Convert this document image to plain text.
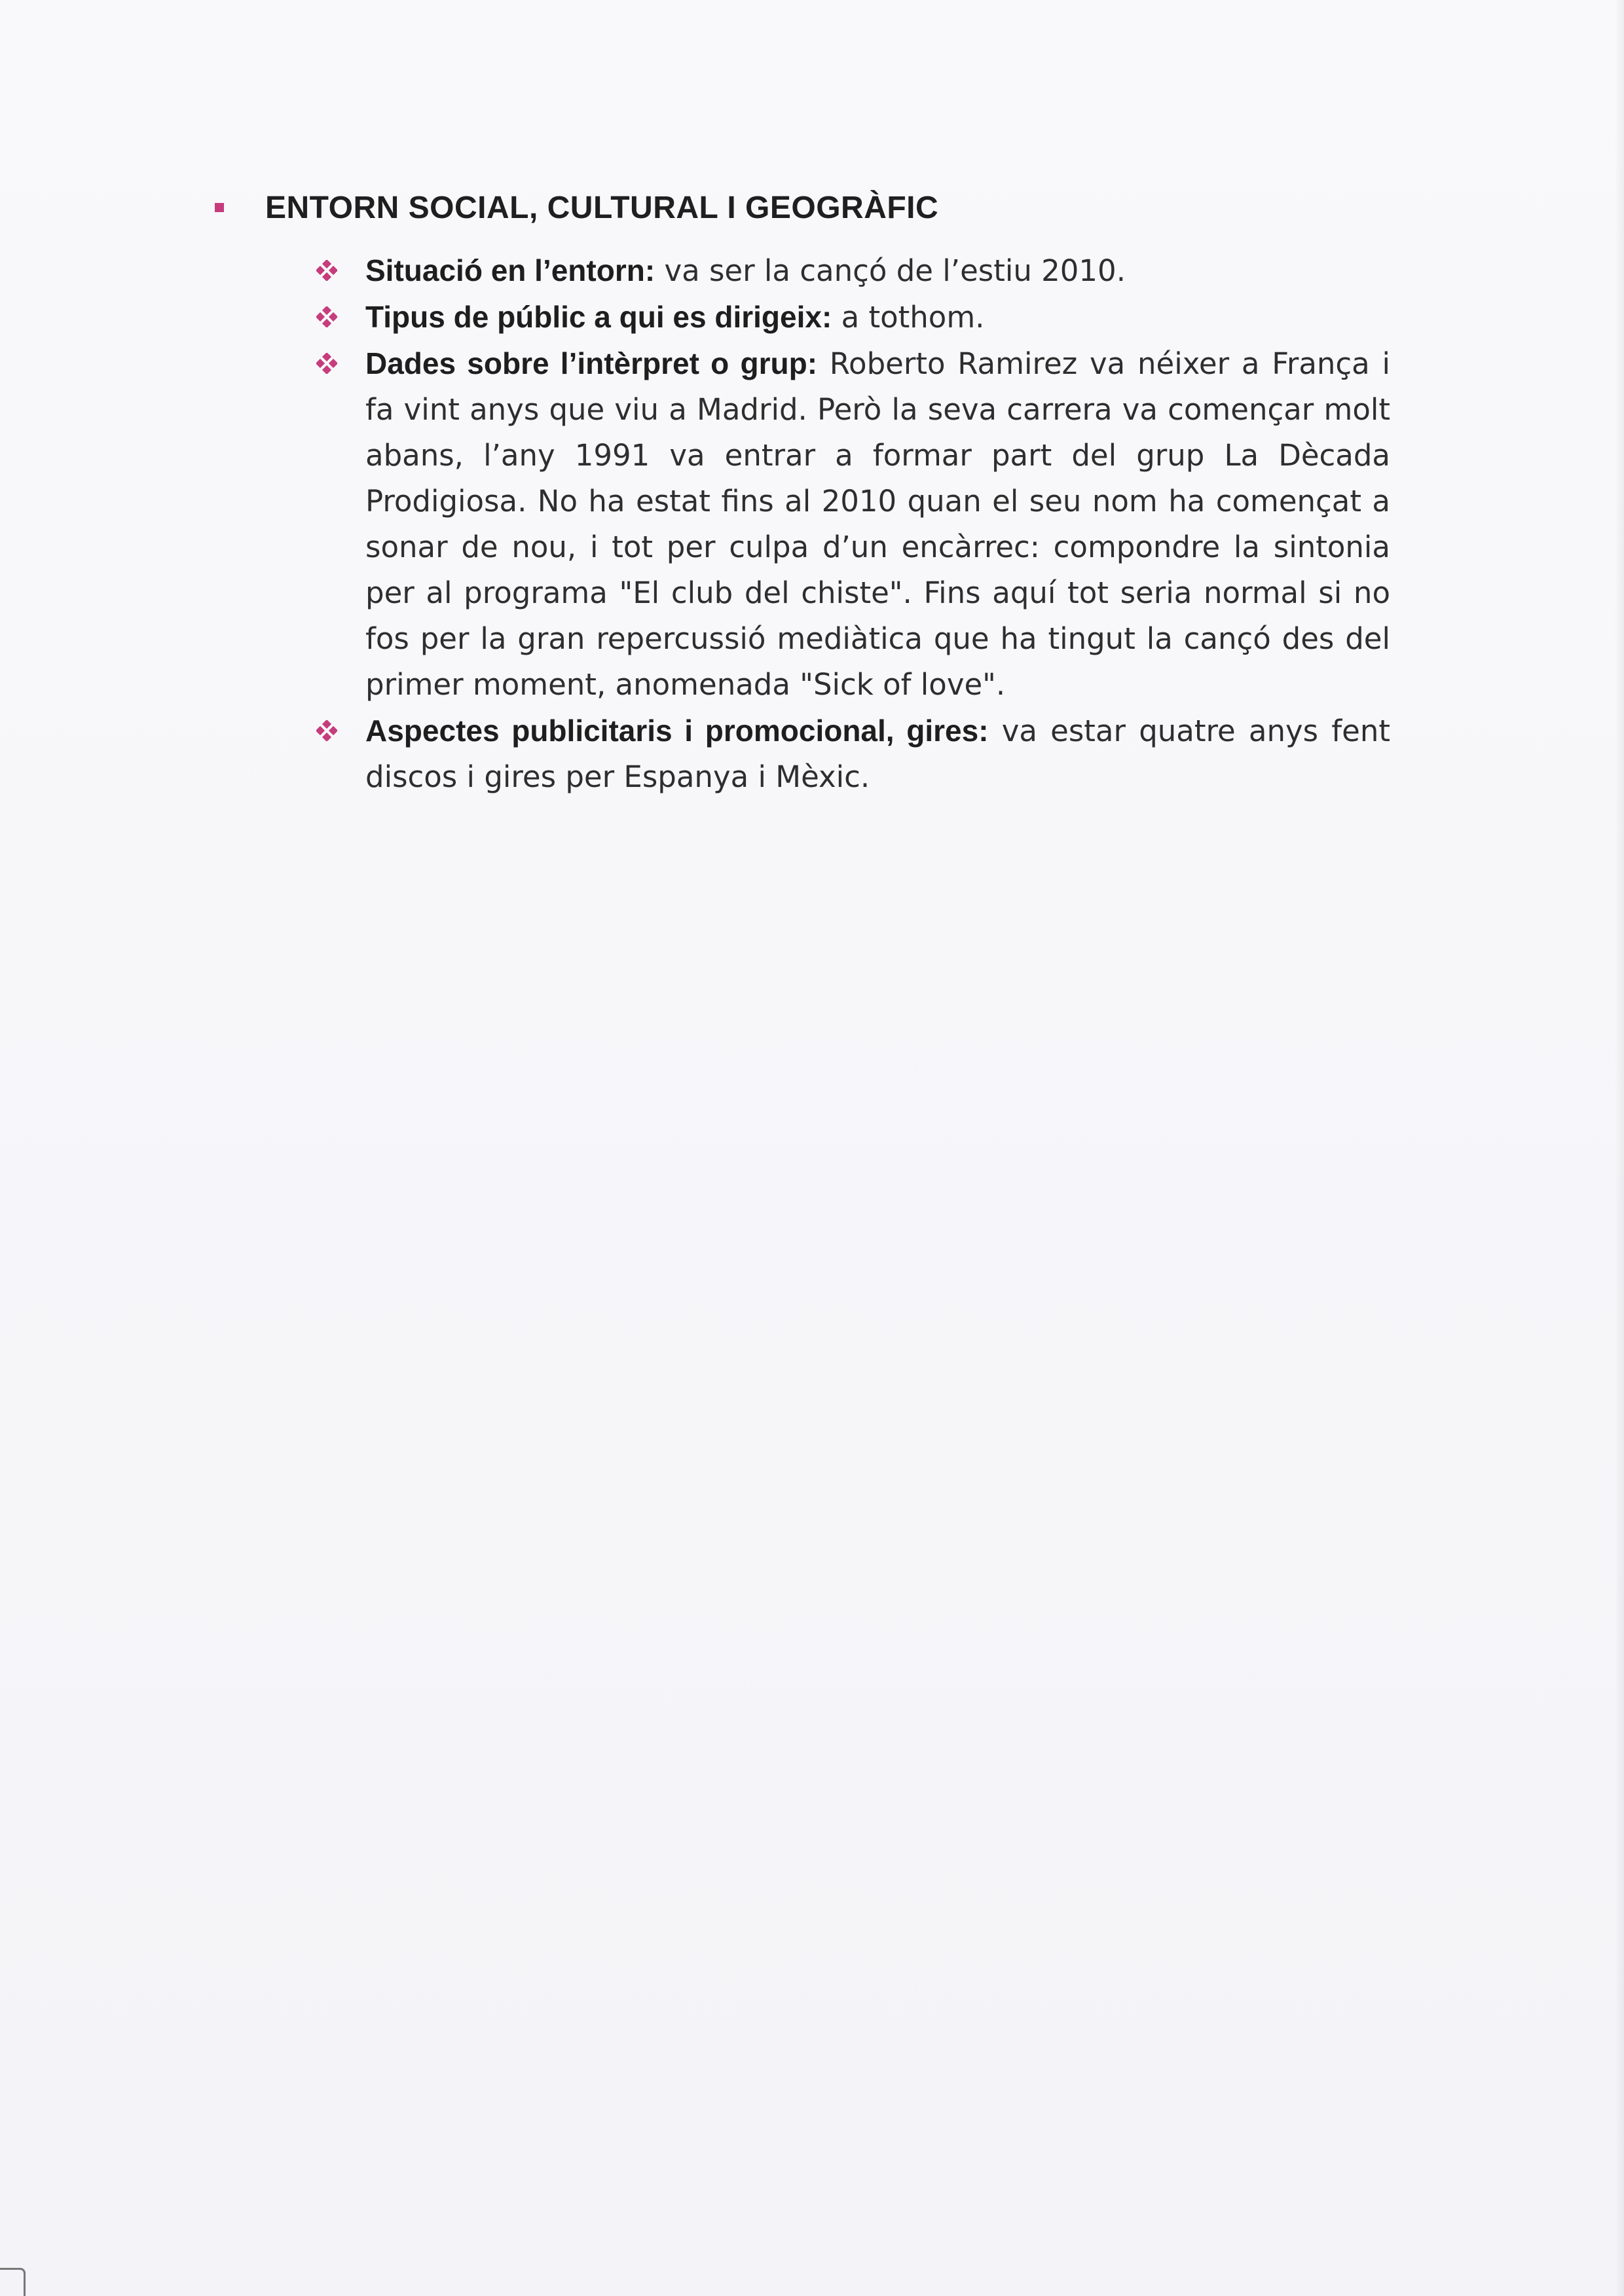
ENTORN SOCIAL, CULTURAL I GEOGRÀFIC
Situació en l’entorn: va ser la cançó de l’estiu 2010.
Tipus de públic a qui es dirigeix: a tothom.
Dades sobre l’intèrpret o grup: Roberto Ramirez va néixer a França i fa vint anys que viu a Madrid. Però la seva carrera va començar molt abans, l’any 1991 va entrar a formar part del grup La Dècada Prodigiosa. No ha estat fins al 2010 quan el seu nom ha començat a sonar de nou, i tot per culpa d’un encàrrec: compondre la sintonia per al programa "El club del chiste". Fins aquí tot seria normal si no fos per la gran repercussió mediàtica que ha tingut la cançó des del primer moment, anomenada "Sick of love".
Aspectes publicitaris i promocional, gires: va estar quatre anys fent discos i gires per Espanya i Mèxic.
